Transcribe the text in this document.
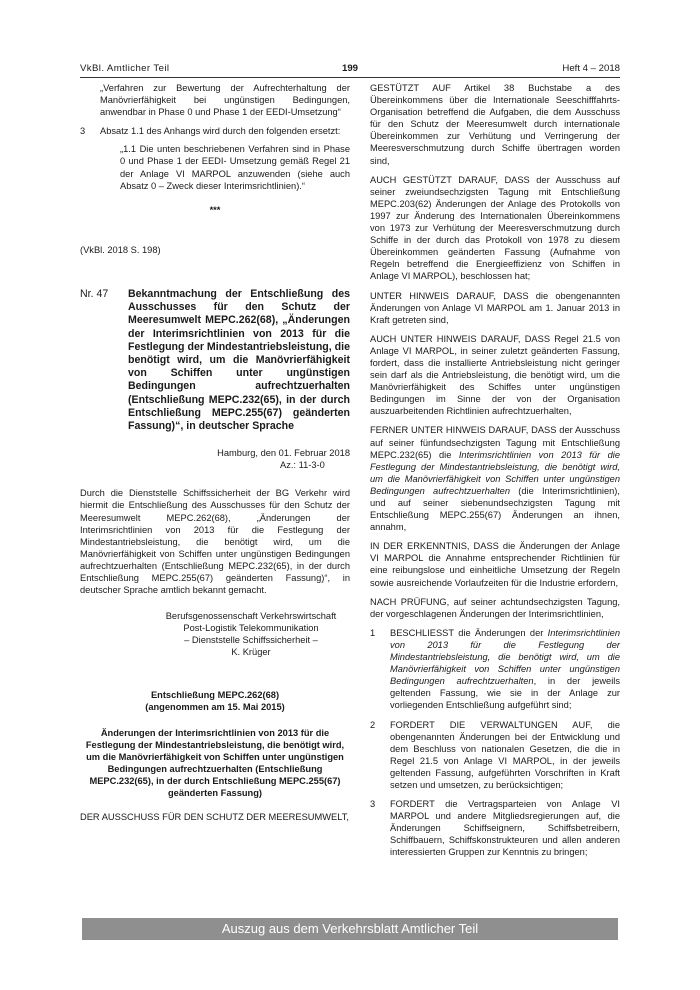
VkBl. Amtlicher Teil	199	Heft 4 – 2018

„Verfahren zur Bewertung der Aufrechterhaltung der Manövrierfähigkeit bei ungünstigen Bedingungen, anwendbar in Phase 0 und Phase 1 der EEDI-Umsetzung“

3 Absatz 1.1 des Anhangs wird durch den folgenden ersetzt:

„1.1 Die unten beschriebenen Verfahren sind in Phase 0 und Phase 1 der EEDI- Umsetzung gemäß Regel 21 der Anlage VI MARPOL anzuwenden (siehe auch Absatz 0 – Zweck dieser Interimsrichtlinien).“

***

(VkBl. 2018 S. 198)

Nr. 47 Bekanntmachung der Entschließung des Ausschusses für den Schutz der Meeresumwelt MEPC.262(68), „Änderungen der Interimsrichtlinien von 2013 für die Festlegung der Mindestantriebsleistung, die benötigt wird, um die Manövrierfähigkeit von Schiffen unter ungünstigen Bedingungen aufrechtzuerhalten (Entschließung MEPC.232(65), in der durch Entschließung MEPC.255(67) geänderten Fassung)“, in deutscher Sprache

Hamburg, den 01. Februar 2018

Az.: 11-3-0

Durch die Dienststelle Schiffssicherheit der BG Verkehr wird hiermit die Entschließung des Ausschusses für den Schutz der Meeresumwelt MEPC.262(68), „Änderungen der Interimsrichtlinien von 2013 für die Festlegung der Mindestantriebsleistung, die benötigt wird, um die Manövrierfähigkeit von Schiffen unter ungünstigen Bedingungen aufrechtzuerhalten (Entschließung MEPC.232(65), in der durch Entschließung MEPC.255(67) geänderten Fassung)“, in deutscher Sprache amtlich bekannt gemacht.

Berufsgenossenschaft Verkehrswirtschaft

Post-Logistik Telekommunikation

– Dienststelle Schiffssicherheit –

K. Krüger

Entschließung MEPC.262(68)

(angenommen am 15. Mai 2015)

Änderungen der Interimsrichtlinien von 2013 für die Festlegung der Mindestantriebsleistung, die benötigt wird, um die Manövrierfähigkeit von Schiffen unter ungünstigen Bedingungen aufrechtzuerhalten (Entschließung MEPC.232(65), in der durch Entschließung MEPC.255(67) geänderten Fassung)

DER AUSSCHUSS FÜR DEN SCHUTZ DER MEERESUMWELT,

GESTÜTZT AUF Artikel 38 Buchstabe a des Übereinkommens über die Internationale Seeschifffahrts-Organisation betreffend die Aufgaben, die dem Ausschuss für den Schutz der Meeresumwelt durch internationale Übereinkommen zur Verhütung und Verringerung der Meeresverschmutzung durch Schiffe übertragen worden sind,

AUCH GESTÜTZT DARAUF, DASS der Ausschuss auf seiner zweiundsechzigsten Tagung mit Entschließung MEPC.203(62) Änderungen der Anlage des Protokolls von 1997 zur Änderung des Internationalen Übereinkommens von 1973 zur Verhütung der Meeresverschmutzung durch Schiffe in der durch das Protokoll von 1978 zu diesem Übereinkommen geänderten Fassung (Aufnahme von Regeln betreffend die Energieeffizienz von Schiffen in Anlage VI MARPOL), beschlossen hat;

UNTER HINWEIS DARAUF, DASS die obengenannten Änderungen von Anlage VI MARPOL am 1. Januar 2013 in Kraft getreten sind,

AUCH UNTER HINWEIS DARAUF, DASS Regel 21.5 von Anlage VI MARPOL, in seiner zuletzt geänderten Fassung, fordert, dass die installierte Antriebsleistung nicht geringer sein darf als die Antriebsleistung, die benötigt wird, um die Manövrierfähigkeit des Schiffes unter ungünstigen Bedingungen im Sinne der von der Organisation auszuarbeitenden Richtlinien aufrechtzuerhalten,

FERNER UNTER HINWEIS DARAUF, DASS der Ausschuss auf seiner fünfundsechzigsten Tagung mit Entschließung MEPC.232(65) die Interimsrichtlinien von 2013 für die Festlegung der Mindestantriebsleistung, die benötigt wird, um die Manövrierfähigkeit von Schiffen unter ungünstigen Bedingungen aufrechtzuerhalten (die Interimsrichtlinien), und auf seiner siebenundsechzigsten Tagung mit Entschließung MEPC.255(67) Änderungen an ihnen, annahm,

IN DER ERKENNTNIS, DASS die Änderungen der Anlage VI MARPOL die Annahme entsprechender Richtlinien für eine reibungslose und einheitliche Umsetzung der Regeln sowie ausreichende Vorlaufzeiten für die Industrie erfordern,

NACH PRÜFUNG, auf seiner achtundsechzigsten Tagung, der vorgeschlagenen Änderungen der Interimsrichtlinien,

1 BESCHLIESST die Änderungen der Interimsrichtlinien von 2013 für die Festlegung der Mindestantriebsleistung, die benötigt wird, um die Manövrierfähigkeit von Schiffen unter ungünstigen Bedingungen aufrechtzuerhalten, in der jeweils geltenden Fassung, wie sie in der Anlage zur vorliegenden Entschließung aufgeführt sind;

2 FORDERT DIE VERWALTUNGEN AUF, die obengenannten Änderungen bei der Entwicklung und dem Beschluss von nationalen Gesetzen, die die in Regel 21.5 von Anlage VI MARPOL, in der jeweils geltenden Fassung, aufgeführten Vorschriften in Kraft setzen und umsetzen, zu berücksichtigen;

3 FORDERT die Vertragsparteien von Anlage VI MARPOL und andere Mitgliedsregierungen auf, die Änderungen Schiffseignern, Schiffsbetreibern, Schiffbauern, Schiffskonstrukteuren und allen anderen interessierten Gruppen zur Kenntnis zu bringen;

Auszug aus dem Verkehrsblatt Amtlicher Teil
